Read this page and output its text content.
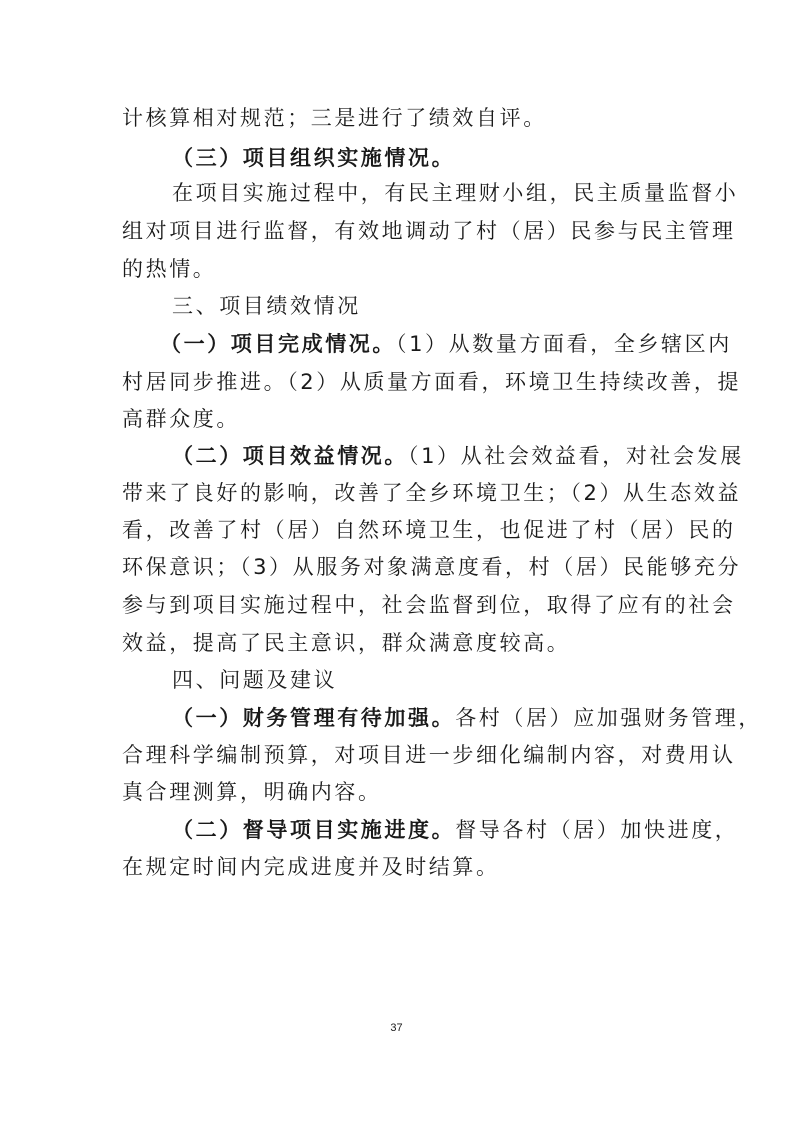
计核算相对规范；三是进行了绩效自评。
（三）项目组织实施情况。
在项目实施过程中，有民主理财小组，民主质量监督小
组对项目进行监督，有效地调动了村（居）民参与民主管理
的热情。
三、项目绩效情况
（一）项目完成情况。（1）从数量方面看，全乡辖区内
村居同步推进。（2）从质量方面看，环境卫生持续改善，提
高群众度。
（二）项目效益情况。（1）从社会效益看，对社会发展
带来了良好的影响，改善了全乡环境卫生；（2）从生态效益
看，改善了村（居）自然环境卫生，也促进了村（居）民的
环保意识；（3）从服务对象满意度看，村（居）民能够充分
参与到项目实施过程中，社会监督到位，取得了应有的社会
效益，提高了民主意识，群众满意度较高。
四、问题及建议
（一）财务管理有待加强。各村（居）应加强财务管理，
合理科学编制预算，对项目进一步细化编制内容，对费用认
真合理测算，明确内容。
（二）督导项目实施进度。督导各村（居）加快进度，
在规定时间内完成进度并及时结算。
37
